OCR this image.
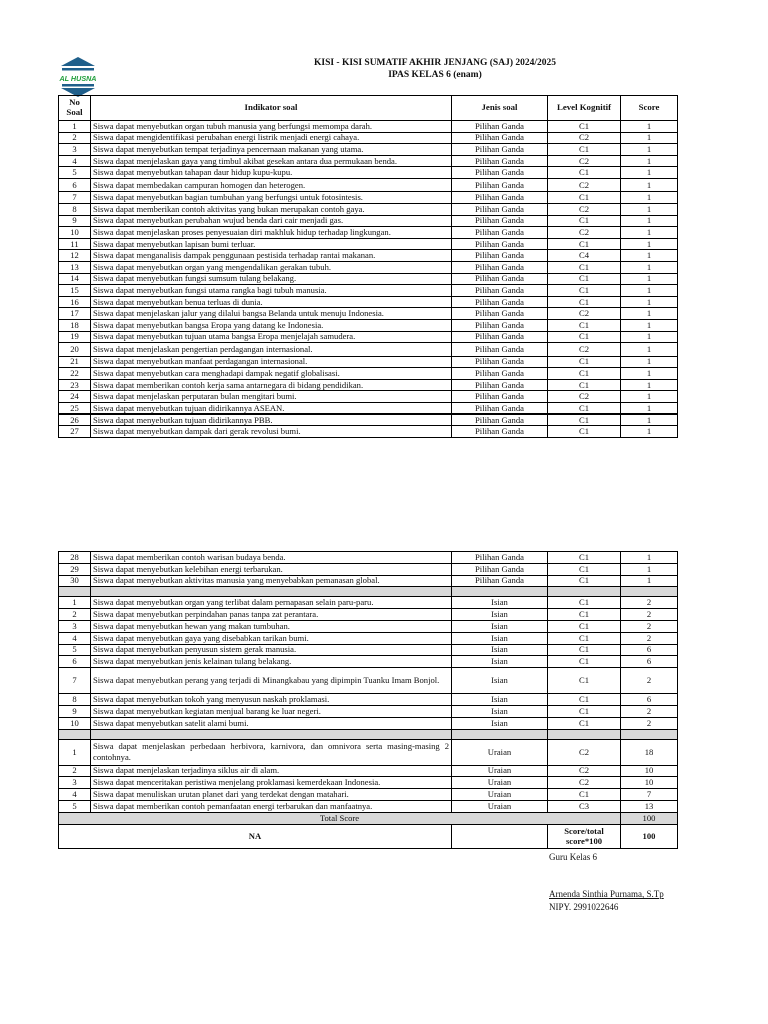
AL HUSNA
KISI - KISI SUMATIF AKHIR JENJANG (SAJ) 2024/2025
IPAS KELAS 6 (enam)
No Soal	Indikator soal	Jenis soal	Level Kognitif	Score
1	Siswa dapat menyebutkan organ tubuh manusia yang berfungsi memompa darah.	Pilihan Ganda	C1	1
2	Siswa dapat mengidentifikasi perubahan energi listrik menjadi energi cahaya.	Pilihan Ganda	C2	1
3	Siswa dapat menyebutkan tempat terjadinya pencernaan makanan yang utama.	Pilihan Ganda	C1	1
4	Siswa dapat menjelaskan gaya yang timbul akibat gesekan antara dua permukaan benda.	Pilihan Ganda	C2	1
5	Siswa dapat menyebutkan tahapan daur hidup kupu-kupu.	Pilihan Ganda	C1	1
6	Siswa dapat membedakan campuran homogen dan heterogen.	Pilihan Ganda	C2	1
7	Siswa dapat menyebutkan bagian tumbuhan yang berfungsi untuk fotosintesis.	Pilihan Ganda	C1	1
8	Siswa dapat memberikan contoh aktivitas yang bukan merupakan contoh gaya.	Pilihan Ganda	C2	1
9	Siswa dapat menyebutkan perubahan wujud benda dari cair menjadi gas.	Pilihan Ganda	C1	1
10	Siswa dapat menjelaskan proses penyesuaian diri makhluk hidup terhadap lingkungan.	Pilihan Ganda	C2	1
11	Siswa dapat menyebutkan lapisan bumi terluar.	Pilihan Ganda	C1	1
12	Siswa dapat menganalisis dampak penggunaan pestisida terhadap rantai makanan.	Pilihan Ganda	C4	1
13	Siswa dapat menyebutkan organ yang mengendalikan gerakan tubuh.	Pilihan Ganda	C1	1
14	Siswa dapat menyebutkan fungsi sumsum tulang belakang.	Pilihan Ganda	C1	1
15	Siswa dapat menyebutkan fungsi utama rangka bagi tubuh manusia.	Pilihan Ganda	C1	1
16	Siswa dapat menyebutkan benua terluas di dunia.	Pilihan Ganda	C1	1
17	Siswa dapat menjelaskan jalur yang dilalui bangsa Belanda untuk menuju Indonesia.	Pilihan Ganda	C2	1
18	Siswa dapat menyebutkan bangsa Eropa yang datang ke Indonesia.	Pilihan Ganda	C1	1
19	Siswa dapat menyebutkan tujuan utama bangsa Eropa menjelajah samudera.	Pilihan Ganda	C1	1
20	Siswa dapat menjelaskan pengertian perdagangan internasional.	Pilihan Ganda	C2	1
21	Siswa dapat menyebutkan manfaat perdagangan internasional.	Pilihan Ganda	C1	1
22	Siswa dapat menyebutkan cara menghadapi dampak negatif globalisasi.	Pilihan Ganda	C1	1
23	Siswa dapat memberikan contoh kerja sama antarnegara di bidang pendidikan.	Pilihan Ganda	C1	1
24	Siswa dapat menjelaskan perputaran bulan mengitari bumi.	Pilihan Ganda	C2	1
25	Siswa dapat menyebutkan tujuan didirikannya ASEAN.	Pilihan Ganda	C1	1
26	Siswa dapat menyebutkan tujuan didirikannya PBB.	Pilihan Ganda	C1	1
27	Siswa dapat menyebutkan dampak dari gerak revolusi bumi.	Pilihan Ganda	C1	1
28	Siswa dapat memberikan contoh warisan budaya benda.	Pilihan Ganda	C1	1
29	Siswa dapat menyebutkan kelebihan energi terbarukan.	Pilihan Ganda	C1	1
30	Siswa dapat menyebutkan aktivitas manusia yang menyebabkan pemanasan global.	Pilihan Ganda	C1	1

1	Siswa dapat menyebutkan organ yang terlibat dalam pernapasan selain paru-paru.	Isian	C1	2
2	Siswa dapat menyebutkan perpindahan panas tanpa zat perantara.	Isian	C1	2
3	Siswa dapat menyebutkan hewan yang makan tumbuhan.	Isian	C1	2
4	Siswa dapat menyebutkan gaya yang disebabkan tarikan bumi.	Isian	C1	2
5	Siswa dapat menyebutkan penyusun sistem gerak manusia.	Isian	C1	6
6	Siswa dapat menyebutkan jenis kelainan tulang belakang.	Isian	C1	6
7	Siswa dapat menyebutkan perang yang terjadi di Minangkabau yang dipimpin Tuanku Imam Bonjol.	Isian	C1	2
8	Siswa dapat menyebutkan tokoh yang menyusun naskah proklamasi.	Isian	C1	6
9	Siswa dapat menyebutkan kegiatan menjual barang ke luar negeri.	Isian	C1	2
10	Siswa dapat menyebutkan satelit alami bumi.	Isian	C1	2

1	Siswa dapat menjelaskan perbedaan herbivora, karnivora, dan omnivora serta masing-masing 2 contohnya.	Uraian	C2	18
2	Siswa dapat menjelaskan terjadinya siklus air di alam.	Uraian	C2	10
3	Siswa dapat menceritakan peristiwa menjelang proklamasi kemerdekaan Indonesia.	Uraian	C2	10
4	Siswa dapat menuliskan urutan planet dari yang terdekat dengan matahari.	Uraian	C1	7
5	Siswa dapat memberikan contoh pemanfaatan energi terbarukan dan manfaatnya.	Uraian	C3	13
Total Score				100
NA			Score/total score*100	100
Guru Kelas 6
Arnenda Sinthia Purnama, S.Tp
NIPY. 2991022646
